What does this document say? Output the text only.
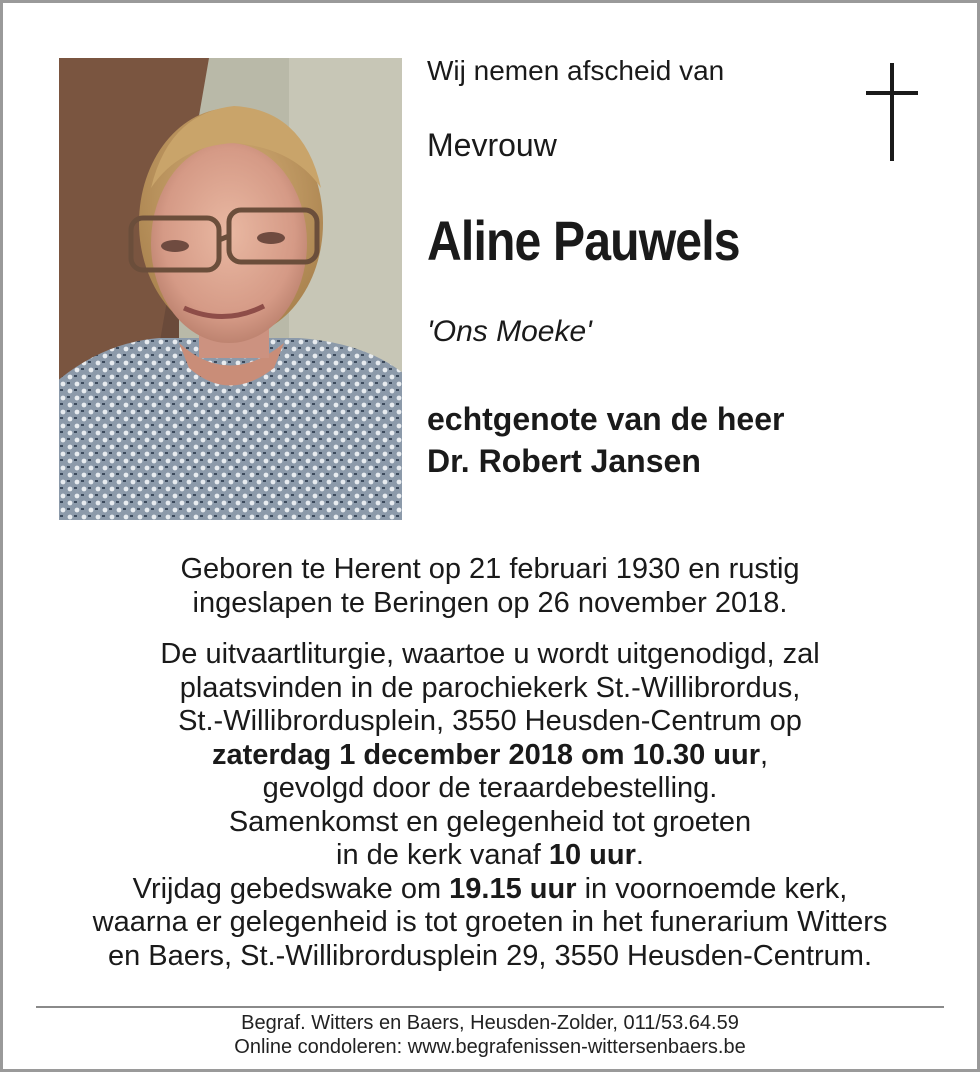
Wij nemen afscheid van
Mevrouw
Aline Pauwels
'Ons Moeke'
echtgenote van de heer
Dr. Robert Jansen

Geboren te Herent op 21 februari 1930 en rustig

ingeslapen te Beringen op 26 november 2018.

De uitvaartliturgie, waartoe u wordt uitgenodigd, zal

plaatsvinden in de parochiekerk St.-Willibrordus,

St.-Willibrordusplein, 3550 Heusden-Centrum op

zaterdag 1 december 2018 om 10.30 uur,

gevolgd door de teraardebestelling.

Samenkomst en gelegenheid tot groeten

in de kerk vanaf 10 uur.

Vrijdag gebedswake om 19.15 uur in voornoemde kerk,

waarna er gelegenheid is tot groeten in het funerarium Witters

en Baers, St.-Willibrordusplein 29, 3550 Heusden-Centrum.

Begraf. Witters en Baers, Heusden-Zolder, 011/53.64.59
Online condoleren: www.begrafenissen-wittersenbaers.be
